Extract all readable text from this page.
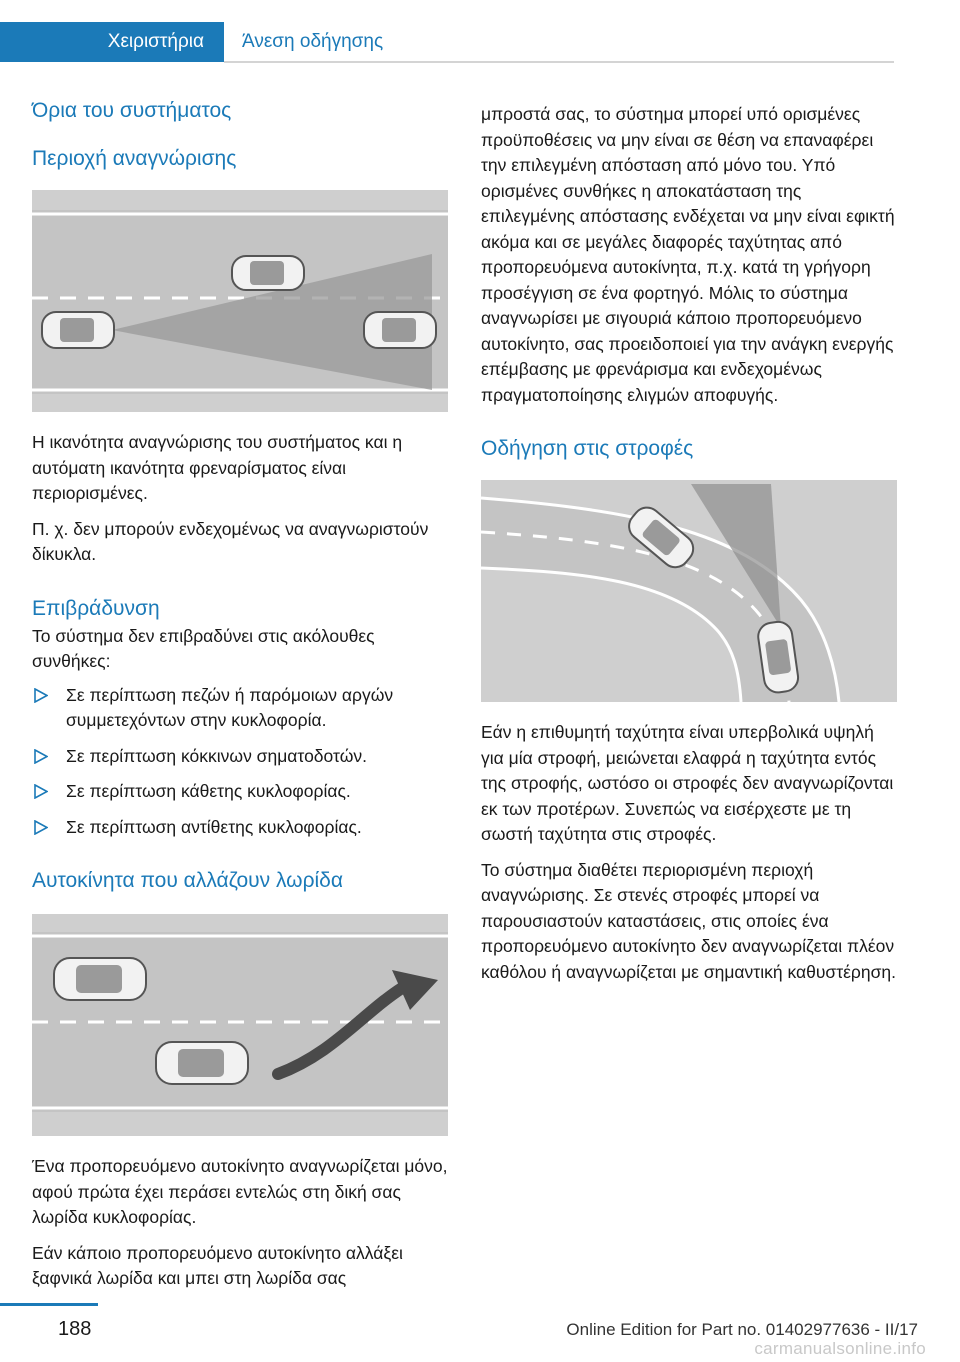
Χειριστήρια	Άνεση οδήγησης
Όρια του συστήματος
Περιοχή αναγνώρισης

Η ικανότητα αναγνώρισης του συστήματος και η αυτόματη ικανότητα φρεναρίσματος είναι περιορισμένες.

Π. χ. δεν μπορούν ενδεχομένως να αναγνωριστούν δίκυκλα.

Επιβράδυνση

Το σύστημα δεν επιβραδύνει στις ακόλουθες συνθήκες:

Σε περίπτωση πεζών ή παρόμοιων αργών συμμετεχόντων στην κυκλοφορία.
Σε περίπτωση κόκκινων σηματοδοτών.
Σε περίπτωση κάθετης κυκλοφορίας.
Σε περίπτωση αντίθετης κυκλοφορίας.
Αυτοκίνητα που αλλάζουν λωρίδα

Ένα προπορευόμενο αυτοκίνητο αναγνωρίζεται μόνο, αφού πρώτα έχει περάσει εντελώς στη δική σας λωρίδα κυκλοφορίας.

Εάν κάποιο προπορευόμενο αυτοκίνητο αλλάξει ξαφνικά λωρίδα και μπει στη λωρίδα σας

μπροστά σας, το σύστημα μπορεί υπό ορισμένες προϋποθέσεις να μην είναι σε θέση να επαναφέρει την επιλεγμένη απόσταση από μόνο του. Υπό ορισμένες συνθήκες η αποκατάσταση της επιλεγμένης απόστασης ενδέχεται να μην είναι εφικτή ακόμα και σε μεγάλες διαφορές ταχύτητας από προπορευόμενα αυτοκίνητα, π.χ. κατά τη γρήγορη προσέγγιση σε ένα φορτηγό. Μόλις το σύστημα αναγνωρίσει με σιγουριά κάποιο προπορευόμενο αυτοκίνητο, σας προειδοποιεί για την ανάγκη ενεργής επέμβασης με φρενάρισμα και ενδεχομένως πραγματοποίησης ελιγμών αποφυγής.

Οδήγηση στις στροφές

Εάν η επιθυμητή ταχύτητα είναι υπερβολικά υψηλή για μία στροφή, μειώνεται ελαφρά η ταχύτητα εντός της στροφής, ωστόσο οι στροφές δεν αναγνωρίζονται εκ των προτέρων. Συνεπώς να εισέρχεστε με τη σωστή ταχύτητα στις στροφές.

Το σύστημα διαθέτει περιορισμένη περιοχή αναγνώρισης. Σε στενές στροφές μπορεί να παρουσιαστούν καταστάσεις, στις οποίες ένα προπορευόμενο αυτοκίνητο δεν αναγνωρίζεται πλέον καθόλου ή αναγνωρίζεται με σημαντική καθυστέρηση.

188	Online Edition for Part no. 01402977636 - II/17
carmanualsonline.info
